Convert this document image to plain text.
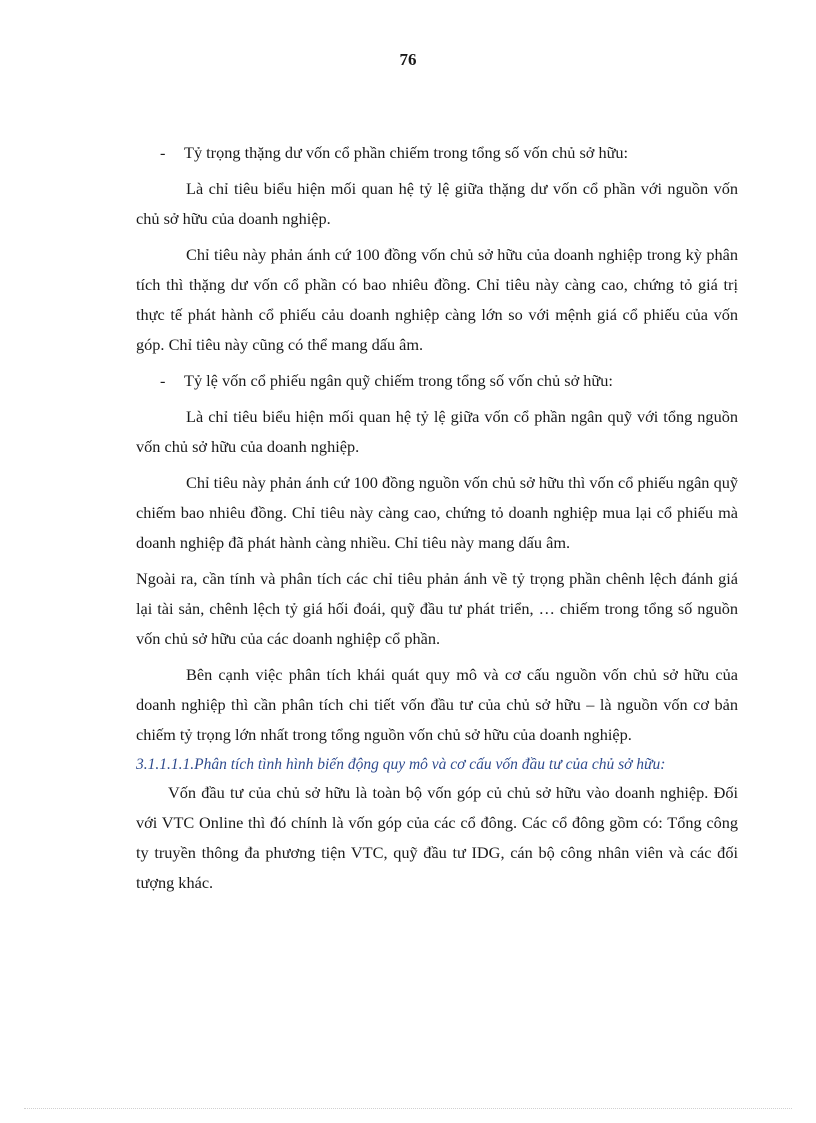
76
- Tỷ trọng thặng dư vốn cổ phần chiếm trong tổng số vốn chủ sở hữu:

Là chỉ tiêu biểu hiện mối quan hệ tỷ lệ giữa thặng dư vốn cổ phần với nguồn vốn chủ sở hữu của doanh nghiệp.

Chỉ tiêu này phản ánh cứ 100 đồng vốn chủ sở hữu của doanh nghiệp trong kỳ phân tích thì thặng dư vốn cổ phần có bao nhiêu đồng. Chỉ tiêu này càng cao, chứng tỏ giá trị thực tế phát hành cổ phiếu cảu doanh nghiệp càng lớn so với mệnh giá cổ phiếu của vốn góp. Chỉ tiêu này cũng có thể mang dấu âm.

- Tỷ lệ vốn cổ phiếu ngân quỹ chiếm trong tổng số vốn chủ sở hữu:

Là chỉ tiêu biểu hiện mối quan hệ tỷ lệ giữa vốn cổ phần ngân quỹ với tổng nguồn vốn chủ sở hữu của doanh nghiệp.

Chỉ tiêu này phản ánh cứ 100 đồng nguồn vốn chủ sở hữu thì vốn cổ phiếu ngân quỹ chiếm bao nhiêu đồng. Chỉ tiêu này càng cao, chứng tỏ doanh nghiệp mua lại cổ phiếu mà doanh nghiệp đã phát hành càng nhiều. Chỉ tiêu này mang dấu âm.

Ngoài ra, cần tính và phân tích các chỉ tiêu phản ánh về tỷ trọng phần chênh lệch đánh giá lại tài sản, chênh lệch tỷ giá hối đoái, quỹ đầu tư phát triển, … chiếm trong tổng số nguồn vốn chủ sở hữu của các doanh nghiệp cổ phần.

Bên cạnh việc phân tích khái quát quy mô và cơ cấu nguồn vốn chủ sở hữu của doanh nghiệp thì cần phân tích chi tiết vốn đầu tư của chủ sở hữu – là nguồn vốn cơ bản chiếm tỷ trọng lớn nhất trong tổng nguồn vốn chủ sở hữu của doanh nghiệp.

3.1.1.1.1.Phân tích tình hình biến động quy mô và cơ cấu vốn đầu tư của chủ sở hữu:

Vốn đầu tư của chủ sở hữu là toàn bộ vốn góp củ chủ sở hữu vào doanh nghiệp. Đối với VTC Online thì đó chính là vốn góp của các cổ đông. Các cổ đông gồm có: Tổng công ty truyền thông đa phương tiện VTC, quỹ đầu tư IDG, cán bộ công nhân viên và các đối tượng khác.
